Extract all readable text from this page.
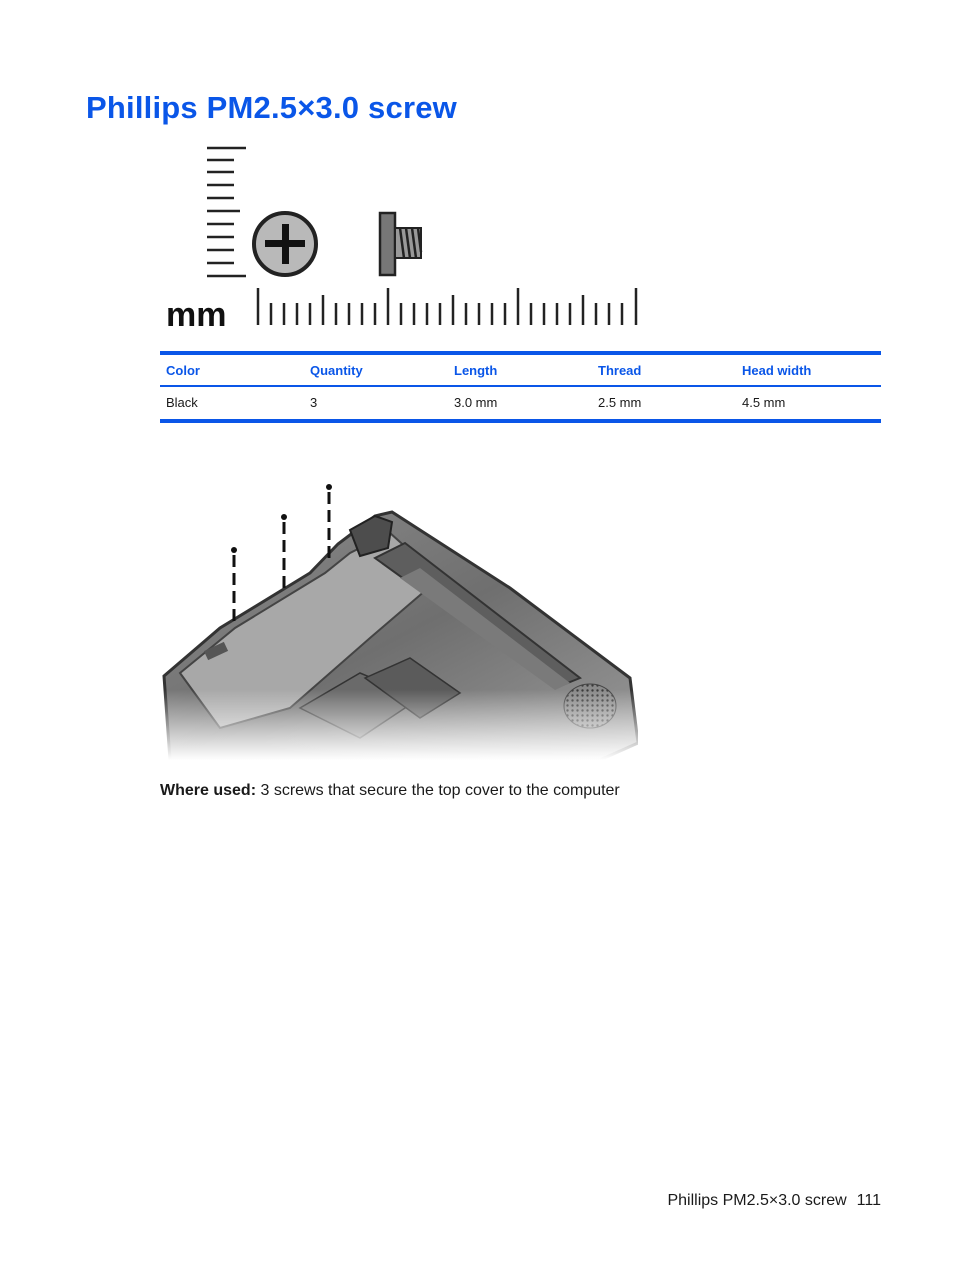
Phillips PM2.5×3.0 screw
mm
Color	Quantity	Length	Thread	Head width
Black	3	3.0 mm	2.5 mm	4.5 mm
Where used: 3 screws that secure the top cover to the computer
Phillips PM2.5×3.0 screw 111
